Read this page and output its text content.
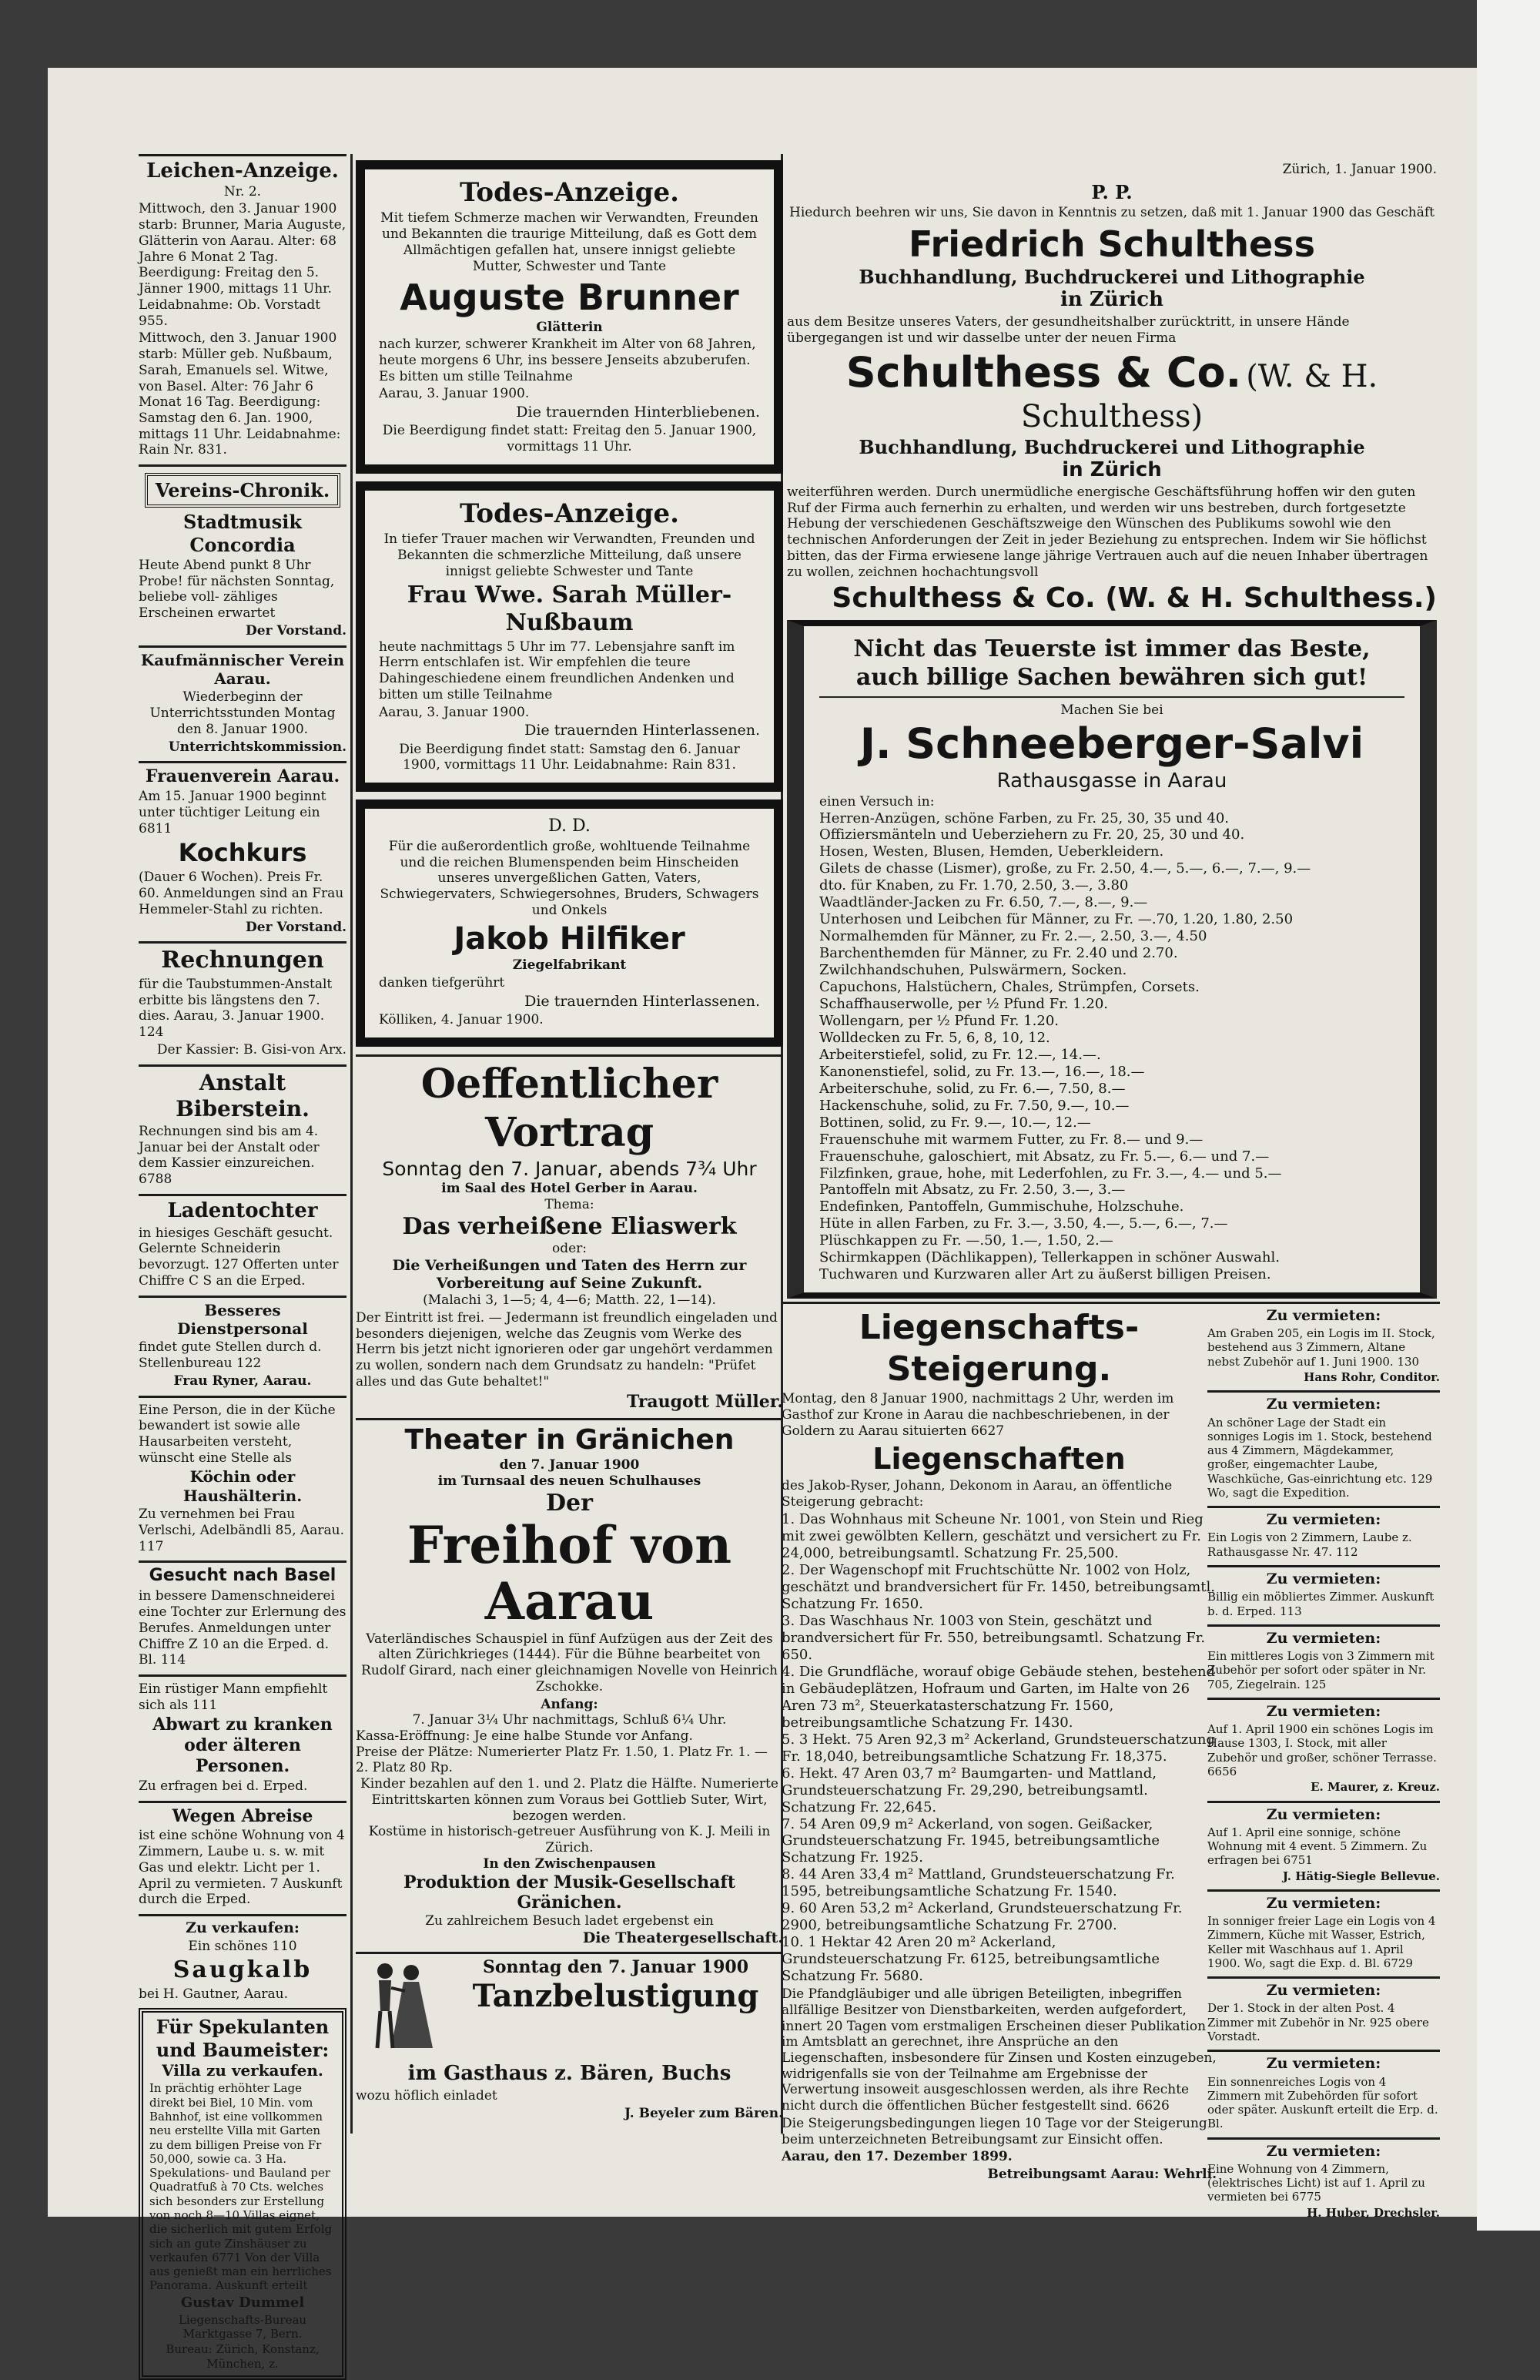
Leichen-Anzeige.
Nr. 2.

Mittwoch, den 3. Januar 1900 starb: Brunner, Maria Auguste, Glätterin von Aarau. Alter: 68 Jahre 6 Monat 2 Tag. Beerdigung: Freitag den 5. Jänner 1900, mittags 11 Uhr. Leidabnahme: Ob. Vorstadt 955.

Mittwoch, den 3. Januar 1900 starb: Müller geb. Nußbaum, Sarah, Emanuels sel. Witwe, von Basel. Alter: 76 Jahr 6 Monat 16 Tag. Beerdigung: Samstag den 6. Jan. 1900, mittags 11 Uhr. Leidabnahme: Rain Nr. 831.

Vereins-Chronik.
Stadtmusik Concordia

Heute Abend punkt 8 Uhr Probe! für nächsten Sonntag, beliebe voll- zähliges Erscheinen erwartet

Der Vorstand.

Kaufmännischer Verein Aarau.

Wiederbeginn der Unterrichtsstunden Montag den 8. Januar 1900.

Unterrichtskommission.

Frauenverein Aarau.

Am 15. Januar 1900 beginnt unter tüchtiger Leitung ein 6811

Kochkurs

(Dauer 6 Wochen). Preis Fr. 60. Anmeldungen sind an Frau Hemmeler-Stahl zu richten.

Der Vorstand.

Rechnungen

für die Taubstummen-Anstalt erbitte bis längstens den 7. dies. Aarau, 3. Januar 1900. 124

Der Kassier: B. Gisi-von Arx.

Anstalt Biberstein.

Rechnungen sind bis am 4. Januar bei der Anstalt oder dem Kassier einzureichen. 6788

Ladentochter

in hiesiges Geschäft gesucht. Gelernte Schneiderin bevorzugt. 127 Offerten unter Chiffre C S an die Erped.

Besseres Dienstpersonal

findet gute Stellen durch d. Stellenbureau 122

Frau Ryner, Aarau.

Eine Person, die in der Küche bewandert ist sowie alle Hausarbeiten versteht, wünscht eine Stelle als

Köchin oder Haushälterin.

Zu vernehmen bei Frau Verlschi, Adelbändli 85, Aarau. 117

Gesucht nach Basel

in bessere Damenschneiderei eine Tochter zur Erlernung des Berufes. Anmeldungen unter Chiffre Z 10 an die Erped. d. Bl. 114

Ein rüstiger Mann empfiehlt sich als 111

Abwart zu kranken oder älteren Personen.

Zu erfragen bei d. Erped.

Wegen Abreise

ist eine schöne Wohnung von 4 Zimmern, Laube u. s. w. mit Gas und elektr. Licht per 1. April zu vermieten. 7 Auskunft durch die Erped.

Zu verkaufen:

Ein schönes 110

Saugkalb

bei H. Gautner, Aarau.

Für Spekulanten und Baumeister:
Villa zu verkaufen.

In prächtig erhöhter Lage direkt bei Biel, 10 Min. vom Bahnhof, ist eine vollkommen neu erstellte Villa mit Garten zu dem billigen Preise von Fr 50,000, sowie ca. 3 Ha. Spekulations- und Bauland per Quadratfuß à 70 Cts. welches sich besonders zur Erstellung von noch 8—10 Villas eignet, die sicherlich mit gutem Erfolg sich an gute Zinshäuser zu verkaufen 6771 Von der Villa aus genießt man ein herrliches Panorama. Auskunft erteilt

Gustav Dummel

Liegenschafts-Bureau Marktgasse 7, Bern.

Bureau: Zürich, Konstanz, München, z.

Todes-Anzeige.

Mit tiefem Schmerze machen wir Verwandten, Freunden und Bekannten die traurige Mitteilung, daß es Gott dem Allmächtigen gefallen hat, unsere innigst geliebte Mutter, Schwester und Tante

Auguste Brunner
Glätterin

nach kurzer, schwerer Krankheit im Alter von 68 Jahren, heute morgens 6 Uhr, ins bessere Jenseits abzuberufen. Es bitten um stille Teilnahme

Aarau, 3. Januar 1900.

Die trauernden Hinterbliebenen.

Die Beerdigung findet statt: Freitag den 5. Januar 1900, vormittags 11 Uhr.

Todes-Anzeige.

In tiefer Trauer machen wir Verwandten, Freunden und Bekannten die schmerzliche Mitteilung, daß unsere innigst geliebte Schwester und Tante

Frau Wwe. Sarah Müller-Nußbaum

heute nachmittags 5 Uhr im 77. Lebensjahre sanft im Herrn entschlafen ist. Wir empfehlen die teure Dahingeschiedene einem freundlichen Andenken und bitten um stille Teilnahme

Aarau, 3. Januar 1900.

Die trauernden Hinterlassenen.

Die Beerdigung findet statt: Samstag den 6. Januar 1900, vormittags 11 Uhr. Leidabnahme: Rain 831.

D. D.

Für die außerordentlich große, wohltuende Teilnahme und die reichen Blumenspenden beim Hinscheiden unseres unvergeßlichen Gatten, Vaters, Schwiegervaters, Schwiegersohnes, Bruders, Schwagers und Onkels

Jakob Hilfiker
Ziegelfabrikant

danken tiefgerührt

Die trauernden Hinterlassenen.

Kölliken, 4. Januar 1900.

Oeffentlicher Vortrag
Sonntag den 7. Januar, abends 7¾ Uhr
im Saal des Hotel Gerber in Aarau.
Thema:
Das verheißene Eliaswerk
oder:
Die Verheißungen und Taten des Herrn zur Vorbereitung auf Seine Zukunft.
(Malachi 3, 1—5; 4, 4—6; Matth. 22, 1—14).

Der Eintritt ist frei. — Jedermann ist freundlich eingeladen und besonders diejenigen, welche das Zeugnis vom Werke des Herrn bis jetzt nicht ignorieren oder gar ungehört verdammen zu wollen, sondern nach dem Grundsatz zu handeln: "Prüfet alles und das Gute behaltet!"

Traugott Müller.

Theater in Gränichen
den 7. Januar 1900
im Turnsaal des neuen Schulhauses
Der
Freihof von Aarau

Vaterländisches Schauspiel in fünf Aufzügen aus der Zeit des alten Zürichkrieges (1444). Für die Bühne bearbeitet von Rudolf Girard, nach einer gleichnamigen Novelle von Heinrich Zschokke.

Anfang:
7. Januar 3¼ Uhr nachmittags, Schluß 6¼ Uhr.
Kassa-Eröffnung: Je eine halbe Stunde vor Anfang.
Preise der Plätze: Numerierter Platz Fr. 1.50, 1. Platz Fr. 1. — 2. Platz 80 Rp.
Kinder bezahlen auf den 1. und 2. Platz die Hälfte. Numerierte Eintrittskarten können zum Voraus bei Gottlieb Suter, Wirt, bezogen werden.
Kostüme in historisch-getreuer Ausführung von K. J. Meili in Zürich.
In den Zwischenpausen
Produktion der Musik-Gesellschaft Gränichen.
Zu zahlreichem Besuch ladet ergebenst ein
Die Theatergesellschaft.
Sonntag den 7. Januar 1900
Tanzbelustigung
im Gasthaus z. Bären, Buchs

wozu höflich einladet

J. Beyeler zum Bären.

Zürich, 1. Januar 1900.
P. P.

Hiedurch beehren wir uns, Sie davon in Kenntnis zu setzen, daß mit 1. Januar 1900 das Geschäft

Friedrich Schulthess
Buchhandlung, Buchdruckerei und Lithographie
in Zürich

aus dem Besitze unseres Vaters, der gesundheitshalber zurücktritt, in unsere Hände übergegangen ist und wir dasselbe unter der neuen Firma

Schulthess & Co. (W. & H. Schulthess)
Buchhandlung, Buchdruckerei und Lithographie
in Zürich

weiterführen werden. Durch unermüdliche energische Geschäftsführung hoffen wir den guten Ruf der Firma auch fernerhin zu erhalten, und werden wir uns bestreben, durch fortgesetzte Hebung der verschiedenen Geschäftszweige den Wünschen des Publikums sowohl wie den technischen Anforderungen der Zeit in jeder Beziehung zu entsprechen. Indem wir Sie höflichst bitten, das der Firma erwiesene lange jährige Vertrauen auch auf die neuen Inhaber übertragen zu wollen, zeichnen hochachtungsvoll

Schulthess & Co. (W. & H. Schulthess.)
Nicht das Teuerste ist immer das Beste, auch billige Sachen bewähren sich gut!
Machen Sie bei
J. Schneeberger-Salvi
Rathausgasse in Aarau
einen Versuch in:

Herren-Anzügen, schöne Farben, zu Fr. 25, 30, 35 und 40.

Offiziersmänteln und Ueberziehern zu Fr. 20, 25, 30 und 40.

Hosen, Westen, Blusen, Hemden, Ueberkleidern.

Gilets de chasse (Lismer), große, zu Fr. 2.50, 4.—, 5.—, 6.—, 7.—, 9.—

dto. für Knaben, zu Fr. 1.70, 2.50, 3.—, 3.80

Waadtländer-Jacken zu Fr. 6.50, 7.—, 8.—, 9.—

Unterhosen und Leibchen für Männer, zu Fr. —.70, 1.20, 1.80, 2.50

Normalhemden für Männer, zu Fr. 2.—, 2.50, 3.—, 4.50

Barchenthemden für Männer, zu Fr. 2.40 und 2.70.

Zwilchhandschuhen, Pulswärmern, Socken.

Capuchons, Halstüchern, Chales, Strümpfen, Corsets.

Schaffhauserwolle, per ½ Pfund Fr. 1.20.

Wollengarn, per ½ Pfund Fr. 1.20.

Wolldecken zu Fr. 5, 6, 8, 10, 12.

Arbeiterstiefel, solid, zu Fr. 12.—, 14.—.

Kanonenstiefel, solid, zu Fr. 13.—, 16.—, 18.—

Arbeiterschuhe, solid, zu Fr. 6.—, 7.50, 8.—

Hackenschuhe, solid, zu Fr. 7.50, 9.—, 10.—

Bottinen, solid, zu Fr. 9.—, 10.—, 12.—

Frauenschuhe mit warmem Futter, zu Fr. 8.— und 9.—

Frauenschuhe, galoschiert, mit Absatz, zu Fr. 5.—, 6.— und 7.—

Filzfinken, graue, hohe, mit Lederfohlen, zu Fr. 3.—, 4.— und 5.—

Pantoffeln mit Absatz, zu Fr. 2.50, 3.—, 3.—

Endefinken, Pantoffeln, Gummischuhe, Holzschuhe.

Hüte in allen Farben, zu Fr. 3.—, 3.50, 4.—, 5.—, 6.—, 7.—

Plüschkappen zu Fr. —.50, 1.—, 1.50, 2.—

Schirmkappen (Dächlikappen), Tellerkappen in schöner Auswahl.

Tuchwaren und Kurzwaren aller Art zu äußerst billigen Preisen.

Liegenschafts-Steigerung.

Montag, den 8 Januar 1900, nachmittags 2 Uhr, werden im Gasthof zur Krone in Aarau die nachbeschriebenen, in der Goldern zu Aarau situierten 6627

Liegenschaften

des Jakob-Ryser, Johann, Dekonom in Aarau, an öffentliche Steigerung gebracht:

1. Das Wohnhaus mit Scheune Nr. 1001, von Stein und Rieg mit zwei gewölbten Kellern, geschätzt und versichert zu Fr. 24,000, betreibungsamtl. Schatzung Fr. 25,500.

2. Der Wagenschopf mit Fruchtschütte Nr. 1002 von Holz, geschätzt und brandversichert für Fr. 1450, betreibungsamtl. Schatzung Fr. 1650.

3. Das Waschhaus Nr. 1003 von Stein, geschätzt und brandversichert für Fr. 550, betreibungsamtl. Schatzung Fr. 650.

4. Die Grundfläche, worauf obige Gebäude stehen, bestehend in Gebäudeplätzen, Hofraum und Garten, im Halte von 26 Aren 73 m², Steuerkatasterschatzung Fr. 1560, betreibungsamtliche Schatzung Fr. 1430.

5. 3 Hekt. 75 Aren 92,3 m² Ackerland, Grundsteuerschatzung Fr. 18,040, betreibungsamtliche Schatzung Fr. 18,375.

6. Hekt. 47 Aren 03,7 m² Baumgarten- und Mattland, Grundsteuerschatzung Fr. 29,290, betreibungsamtl. Schatzung Fr. 22,645.

7. 54 Aren 09,9 m² Ackerland, von sogen. Geißacker, Grundsteuerschatzung Fr. 1945, betreibungsamtliche Schatzung Fr. 1925.

8. 44 Aren 33,4 m² Mattland, Grundsteuerschatzung Fr. 1595, betreibungsamtliche Schatzung Fr. 1540.

9. 60 Aren 53,2 m² Ackerland, Grundsteuerschatzung Fr. 2900, betreibungsamtliche Schatzung Fr. 2700.

10. 1 Hektar 42 Aren 20 m² Ackerland, Grundsteuerschatzung Fr. 6125, betreibungsamtliche Schatzung Fr. 5680.

Die Pfandgläubiger und alle übrigen Beteiligten, inbegriffen allfällige Besitzer von Dienstbarkeiten, werden aufgefordert, innert 20 Tagen vom erstmaligen Erscheinen dieser Publikation im Amtsblatt an gerechnet, ihre Ansprüche an den Liegenschaften, insbesondere für Zinsen und Kosten einzugeben, widrigenfalls sie von der Teilnahme am Ergebnisse der Verwertung insoweit ausgeschlossen werden, als ihre Rechte nicht durch die öffentlichen Bücher festgestellt sind. 6626

Die Steigerungsbedingungen liegen 10 Tage vor der Steigerung beim unterzeichneten Betreibungsamt zur Einsicht offen.

Aarau, den 17. Dezember 1899.

Betreibungsamt Aarau: Wehrli.

Zu vermieten:

Am Graben 205, ein Logis im II. Stock, bestehend aus 3 Zimmern, Altane nebst Zubehör auf 1. Juni 1900. 130

Hans Rohr, Conditor.

Zu vermieten:

An schöner Lage der Stadt ein sonniges Logis im 1. Stock, bestehend aus 4 Zimmern, Mägdekammer, großer, eingemachter Laube, Waschküche, Gas-einrichtung etc. 129 Wo, sagt die Expedition.

Zu vermieten:

Ein Logis von 2 Zimmern, Laube z. Rathausgasse Nr. 47. 112

Zu vermieten:

Billig ein möbliertes Zimmer. Auskunft b. d. Erped. 113

Zu vermieten:

Ein mittleres Logis von 3 Zimmern mit Zubehör per sofort oder später in Nr. 705, Ziegelrain. 125

Zu vermieten:

Auf 1. April 1900 ein schönes Logis im Hause 1303, I. Stock, mit aller Zubehör und großer, schöner Terrasse. 6656

E. Maurer, z. Kreuz.

Zu vermieten:

Auf 1. April eine sonnige, schöne Wohnung mit 4 event. 5 Zimmern. Zu erfragen bei 6751

J. Hätig-Siegle Bellevue.

Zu vermieten:

In sonniger freier Lage ein Logis von 4 Zimmern, Küche mit Wasser, Estrich, Keller mit Waschhaus auf 1. April 1900. Wo, sagt die Exp. d. Bl. 6729

Zu vermieten:

Der 1. Stock in der alten Post. 4 Zimmer mit Zubehör in Nr. 925 obere Vorstadt.

Zu vermieten:

Ein sonnenreiches Logis von 4 Zimmern mit Zubehörden für sofort oder später. Auskunft erteilt die Erp. d. Bl.

Zu vermieten:

Eine Wohnung von 4 Zimmern, (elektrisches Licht) ist auf 1. April zu vermieten bei 6775

H. Huber, Drechsler.
